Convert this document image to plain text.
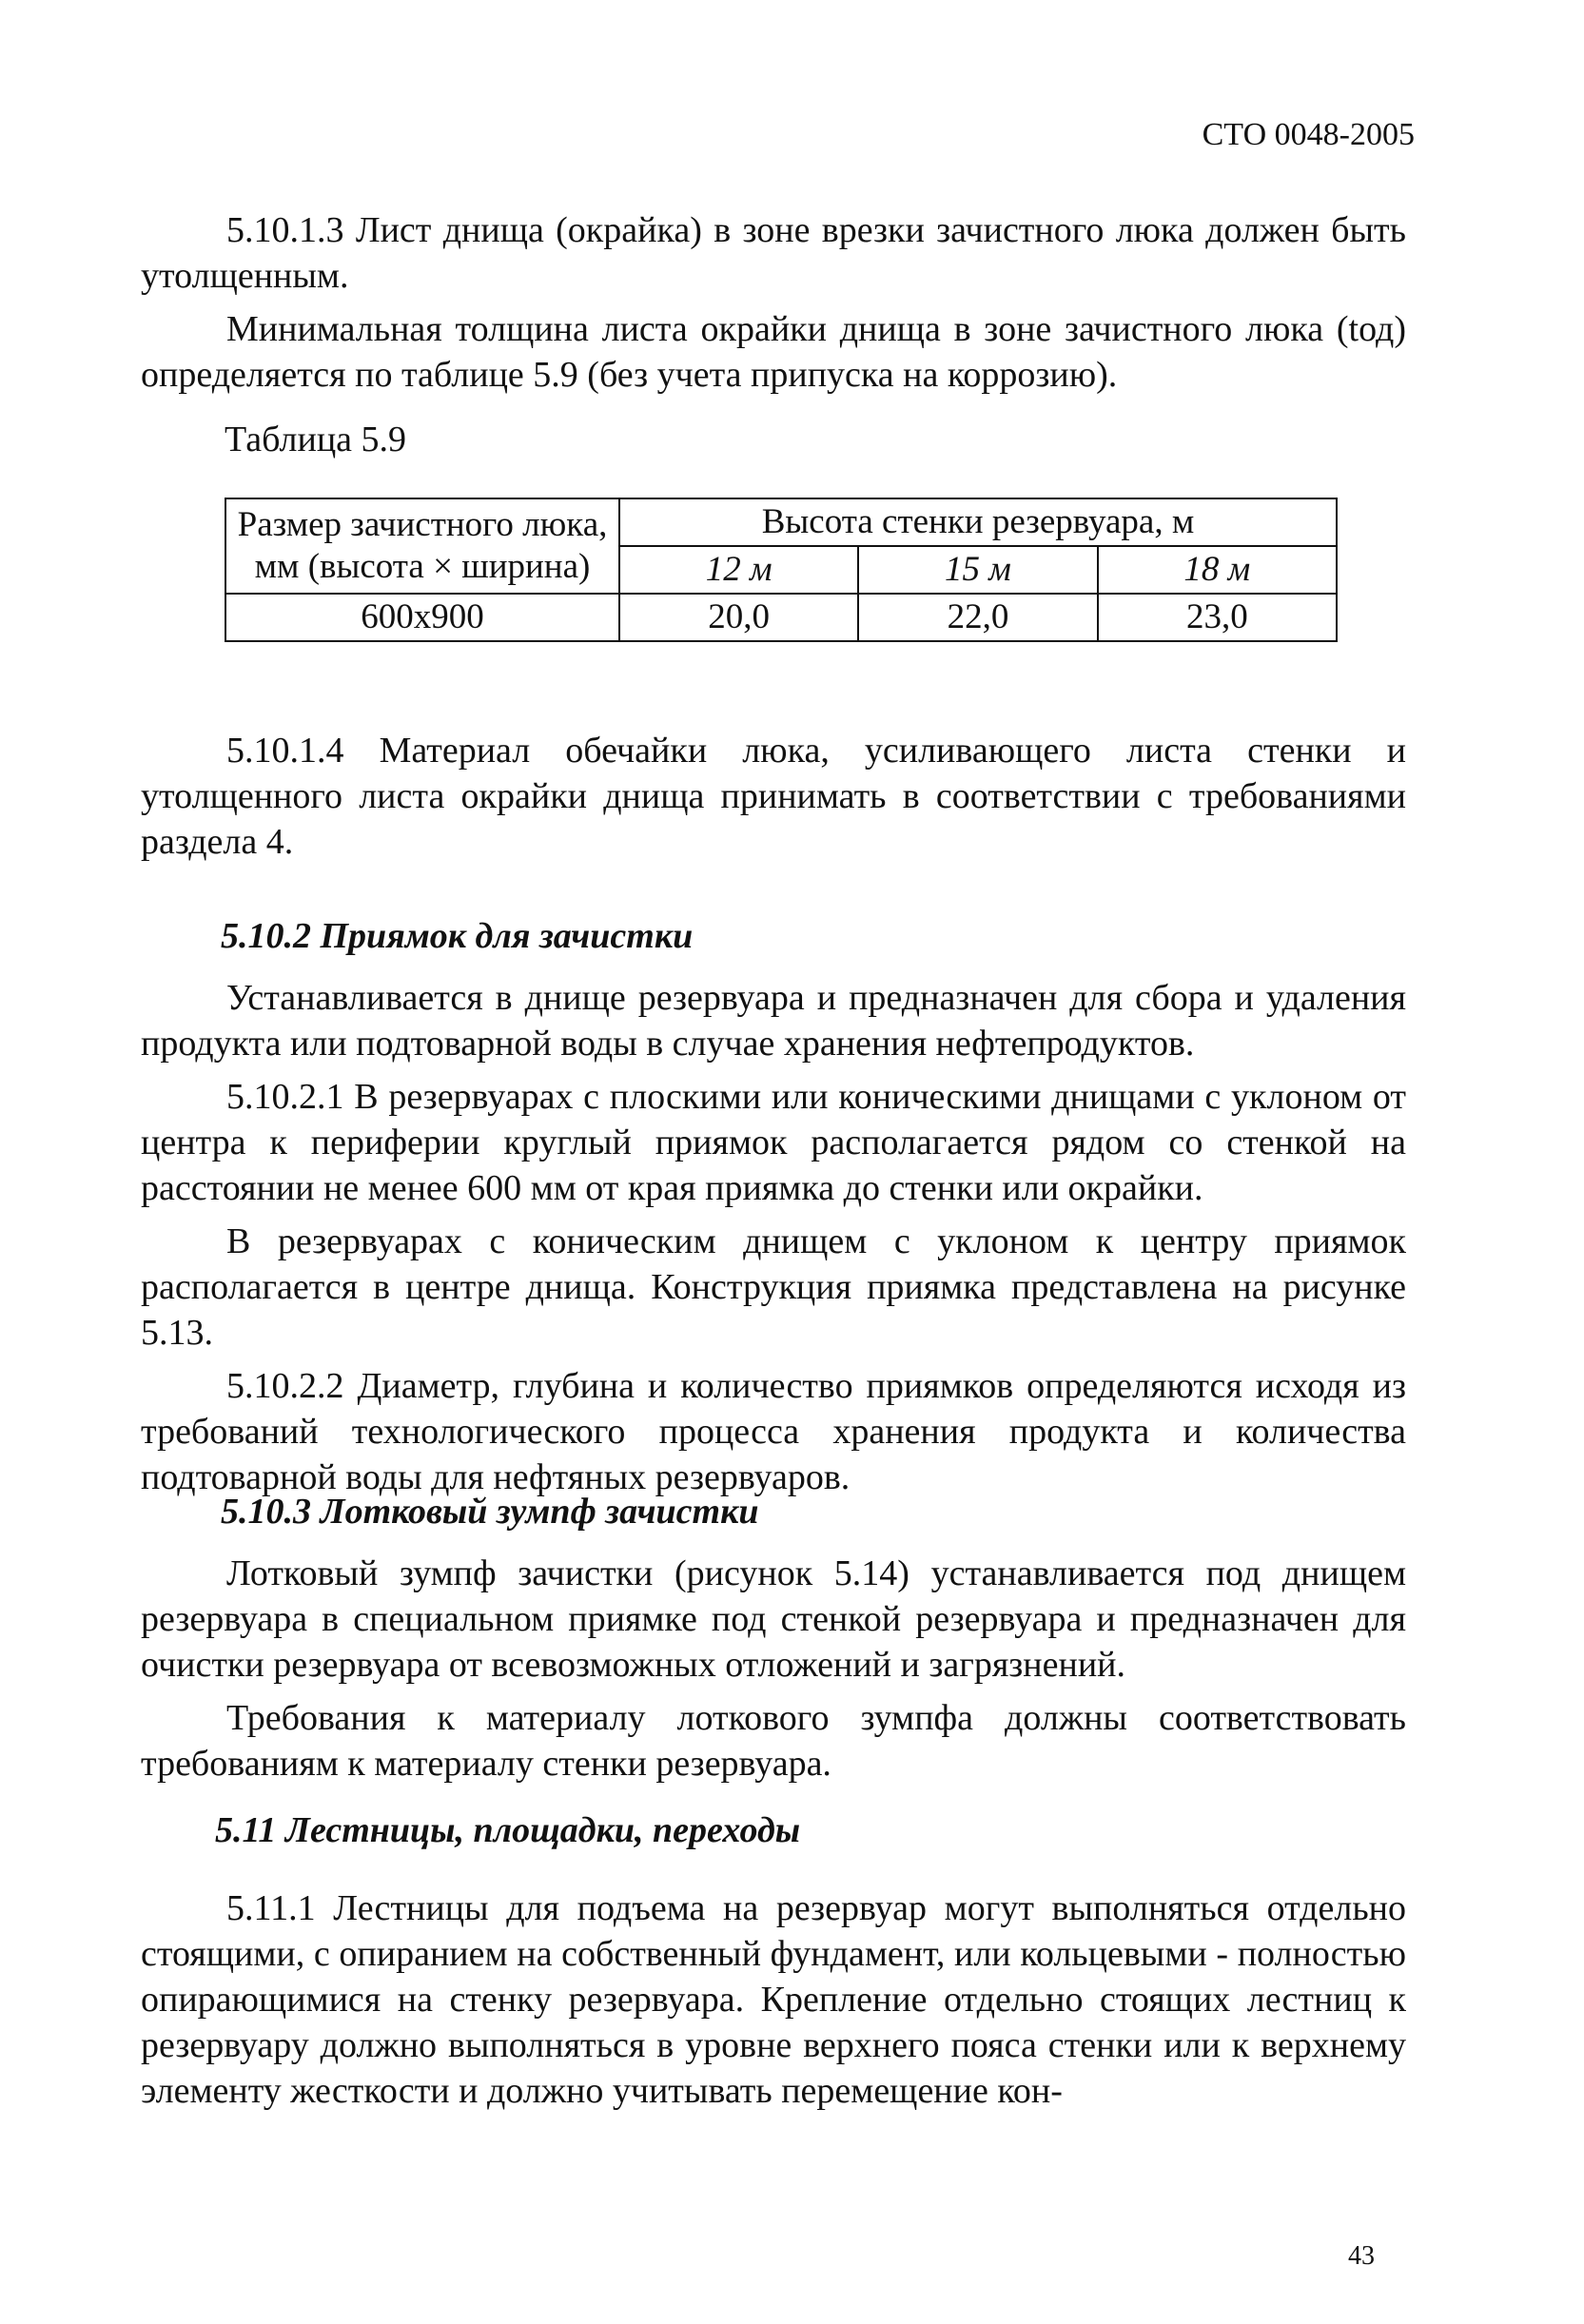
СТО 0048-2005

5.10.1.3 Лист днища (окрайка) в зоне врезки зачистного люка должен быть утолщенным.

Минимальная толщина листа окрайки днища в зоне зачистного люка (tод) определяется по таблице 5.9 (без учета припуска на коррозию).

Таблица 5.9

Размер зачистного люка, мм (высота × ширина)	Высота стенки резервуара, м		
	12 м	15 м	18 м
600x900	20,0	22,0	23,0

5.10.1.4 Материал обечайки люка, усиливающего листа стенки и утолщенного листа окрайки днища принимать в соответствии с требованиями раздела 4.

5.10.2 Приямок для зачистки

Устанавливается в днище резервуара и предназначен для сбора и удаления продукта или подтоварной воды в случае хранения нефтепродуктов.

5.10.2.1 В резервуарах с плоскими или коническими днищами с уклоном от центра к периферии круглый приямок располагается рядом со стенкой на расстоянии не менее 600 мм от края приямка до стенки или окрайки.

В резервуарах с коническим днищем с уклоном к центру приямок располагается в центре днища. Конструкция приямка представлена на рисунке 5.13.

5.10.2.2 Диаметр, глубина и количество приямков определяются исходя из требований технологического процесса хранения продукта и количества подтоварной воды для нефтяных резервуаров.

5.10.3 Лотковый зумпф зачистки

Лотковый зумпф зачистки (рисунок 5.14) устанавливается под днищем резервуара в специальном приямке под стенкой резервуара и предназначен для очистки резервуара от всевозможных отложений и загрязнений.

Требования к материалу лоткового зумпфа должны соответствовать требованиям к материалу стенки резервуара.

5.11 Лестницы, площадки, переходы

5.11.1 Лестницы для подъема на резервуар могут выполняться отдельно стоящими, с опиранием на собственный фундамент, или кольцевыми - полностью опирающимися на стенку резервуара. Крепление отдельно стоящих лестниц к резервуару должно выполняться в уровне верхнего пояса стенки или к верхнему элементу жесткости и должно учитывать перемещение кон-

43
